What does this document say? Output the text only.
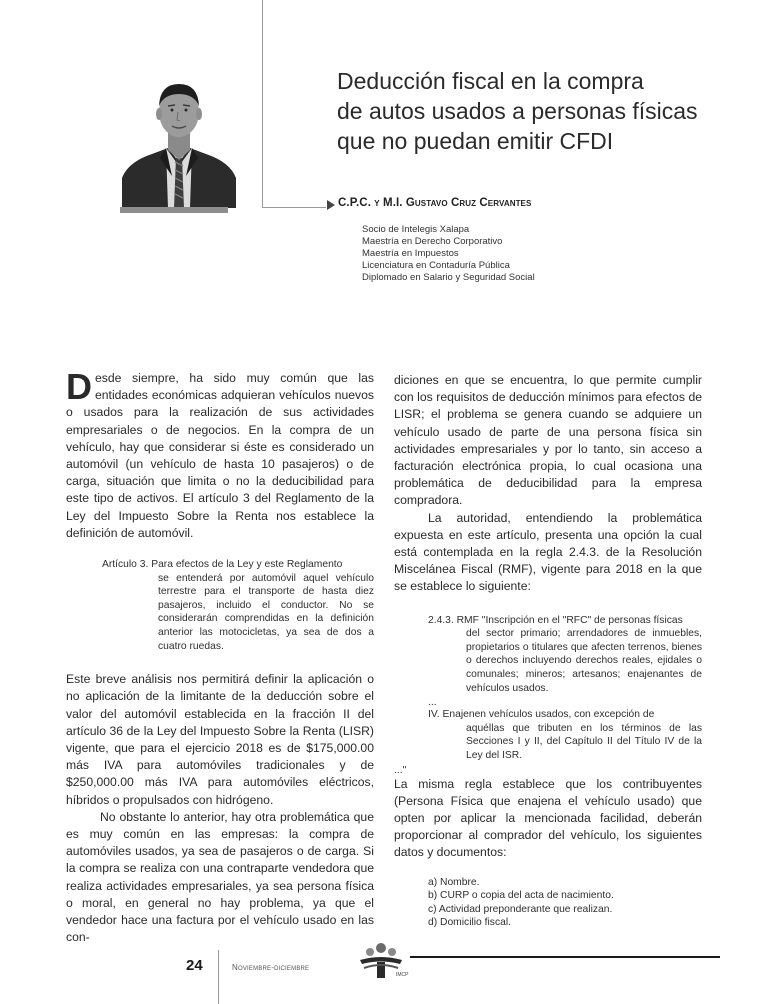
Deducción fiscal en la compra
de autos usados a personas físicas
que no puedan emitir CFDI
C.P.C. y M.I. Gustavo Cruz Cervantes
Socio de Intelegis Xalapa
Maestría en Derecho Corporativo
Maestría en Impuestos
Licenciatura en Contaduría Pública
Diplomado en Salario y Seguridad Social

Desde siempre, ha sido muy común que las entidades económicas adquieran vehículos nuevos o usados para la realización de sus actividades empresariales o de negocios. En la compra de un vehículo, hay que considerar si éste es considerado un automóvil (un vehículo de hasta 10 pasajeros) o de carga, situación que limita o no la deducibilidad para este tipo de activos. El artículo 3 del Reglamento de la Ley del Impuesto Sobre la Renta nos establece la definición de automóvil.

Artículo 3. Para efectos de la Ley y este Reglamento

se entenderá por automóvil aquel vehículo terrestre para el transporte de hasta diez pasajeros, incluido el conductor. No se considerarán comprendidas en la definición anterior las motocicletas, ya sea de dos a cuatro ruedas.

Este breve análisis nos permitirá definir la aplicación o no aplicación de la limitante de la deducción sobre el valor del automóvil establecida en la fracción II del artículo 36 de la Ley del Impuesto Sobre la Renta (LISR) vigente, que para el ejercicio 2018 es de $175,000.00 más IVA para automóviles tradicionales y de $250,000.00 más IVA para automóviles eléctricos, híbridos o propulsados con hidrógeno.

No obstante lo anterior, hay otra problemática que es muy común en las empresas: la compra de automóviles usados, ya sea de pasajeros o de carga. Si la compra se realiza con una contraparte vendedora que realiza actividades empresariales, ya sea persona física o moral, en general no hay problema, ya que el vendedor hace una factura por el vehículo usado en las con-

diciones en que se encuentra, lo que permite cumplir con los requisitos de deducción mínimos para efectos de LISR; el problema se genera cuando se adquiere un vehículo usado de parte de una persona física sin actividades empresariales y por lo tanto, sin acceso a facturación electrónica propia, lo cual ocasiona una problemática de deducibilidad para la empresa compradora.

La autoridad, entendiendo la problemática expuesta en este artículo, presenta una opción la cual está contemplada en la regla 2.4.3. de la Resolución Miscelánea Fiscal (RMF), vigente para 2018 en la que se establece lo siguiente:

2.4.3. RMF "Inscripción en el "RFC" de personas físicas

del sector primario; arrendadores de inmuebles, propietarios o titulares que afecten terrenos, bienes o derechos incluyendo derechos reales, ejidales o comunales; mineros; artesanos; enajenantes de vehículos usados.

...

IV. Enajenen vehículos usados, con excepción de

aquéllas que tributen en los términos de las Secciones I y II, del Capítulo II del Título IV de la Ley del ISR.

..."

La misma regla establece que los contribuyentes (Persona Física que enajena el vehículo usado) que opten por aplicar la mencionada facilidad, deberán proporcionar al comprador del vehículo, los siguientes datos y documentos:

a) Nombre.
b) CURP o copia del acta de nacimiento.
c) Actividad preponderante que realizan.
d) Domicilio fiscal.
24	Noviembre-diciembre
IMCP
